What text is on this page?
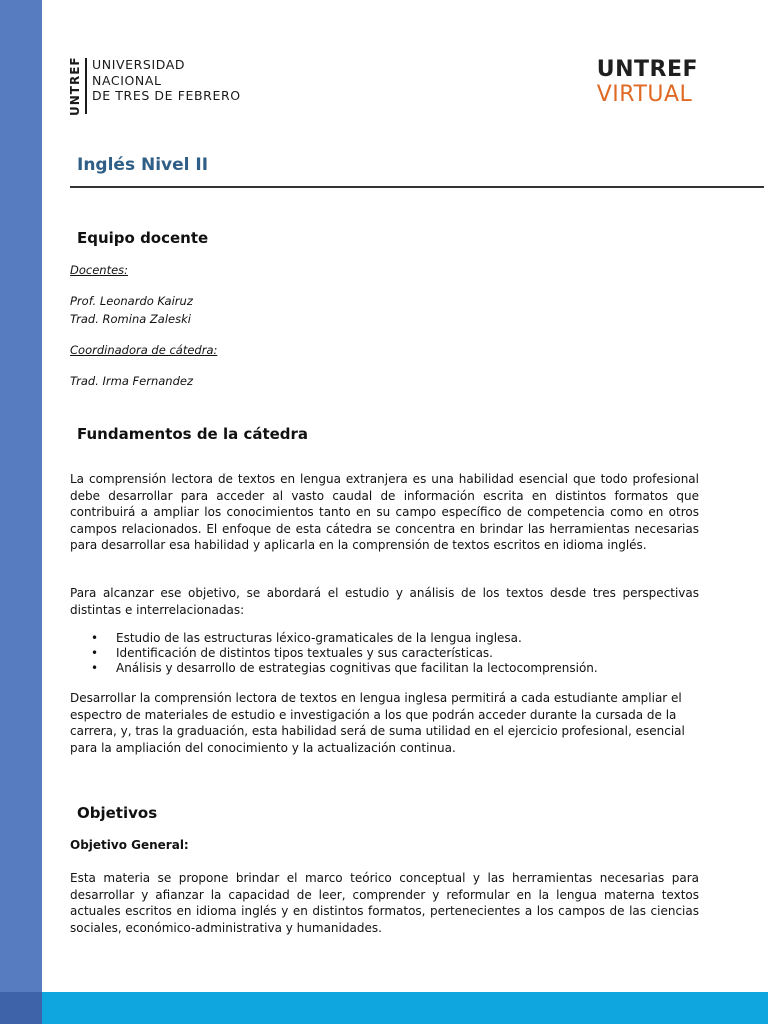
UNTREF UNIVERSIDAD
NACIONAL
DE TRES DE FEBRERO
UNTREF
VIRTUAL
Inglés Nivel II
Equipo docente
Docentes:
Prof. Leonardo Kairuz
Trad. Romina Zaleski
Coordinadora de cátedra:
Trad. Irma Fernandez
Fundamentos de la cátedra

La comprensión lectora de textos en lengua extranjera es una habilidad esencial que todo profesional debe desarrollar para acceder al vasto caudal de información escrita en distintos formatos que contribuirá a ampliar los conocimientos tanto en su campo específico de competencia como en otros campos relacionados. El enfoque de esta cátedra se concentra en brindar las herramientas necesarias para desarrollar esa habilidad y aplicarla en la comprensión de textos escritos en idioma inglés.

Para alcanzar ese objetivo, se abordará el estudio y análisis de los textos desde tres perspectivas distintas e interrelacionadas:

• Estudio de las estructuras léxico-gramaticales de la lengua inglesa.
• Identificación de distintos tipos textuales y sus características.
• Análisis y desarrollo de estrategias cognitivas que facilitan la lectocomprensión.

Desarrollar la comprensión lectora de textos en lengua inglesa permitirá a cada estudiante ampliar el espectro de materiales de estudio e investigación a los que podrán acceder durante la cursada de la carrera, y, tras la graduación, esta habilidad será de suma utilidad en el ejercicio profesional, esencial para la ampliación del conocimiento y la actualización continua.

Objetivos
Objetivo General:

Esta materia se propone brindar el marco teórico conceptual y las herramientas necesarias para desarrollar y afianzar la capacidad de leer, comprender y reformular en la lengua materna textos actuales escritos en idioma inglés y en distintos formatos, pertenecientes a los campos de las ciencias sociales, económico-administrativa y humanidades.
